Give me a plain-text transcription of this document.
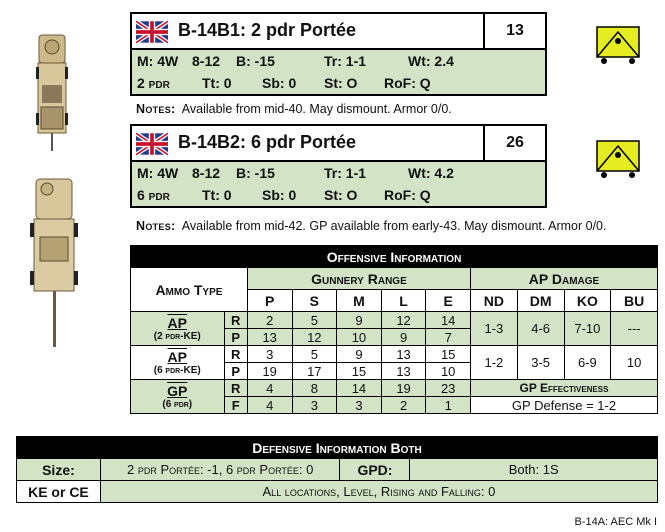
B-14B1: 2 pdr Portée	13
M: 4W 8-12 B: -15	Tr: 1-1	Wt: 2.4
2 pdr Tt: 0 Sb: 0 St: O RoF: Q
Notes: Available from mid-40. May dismount. Armor 0/0.
B-14B2: 6 pdr Portée	26
M: 4W 8-12 B: -15	Tr: 1-1	Wt: 4.2
6 pdr Tt: 0 Sb: 0 St: O RoF: Q
Notes: Available from mid-42. GP available from early-43. May dismount. Armor 0/0.
Offensive Information										
Ammo Type		Gunnery Range					AP Damage			
		P	S	M	L	E	ND	DM	KO	BU

AP
(2 pdr-KE)	R	2	5	9	12	14	1-3	4-6	7-10	---
	P	13	12	10	9	7				

AP
(6 pdr-KE)	R	3	5	9	13	15	1-2	3-5	6-9	10
	P	19	17	15	13	10				

GP
(6 pdr)	R	4	8	14	19	23	GP Effectiveness			
	F	4	3	3	2	1	GP Defense = 1-2			
Defensive Information Both			
Size:	2 pdr Portée: -1, 6 pdr Portée: 0	GPD:	Both: 1S
KE or CE	All locations, Level, Rising and Falling: 0		
B-14A: AEC Mk I
